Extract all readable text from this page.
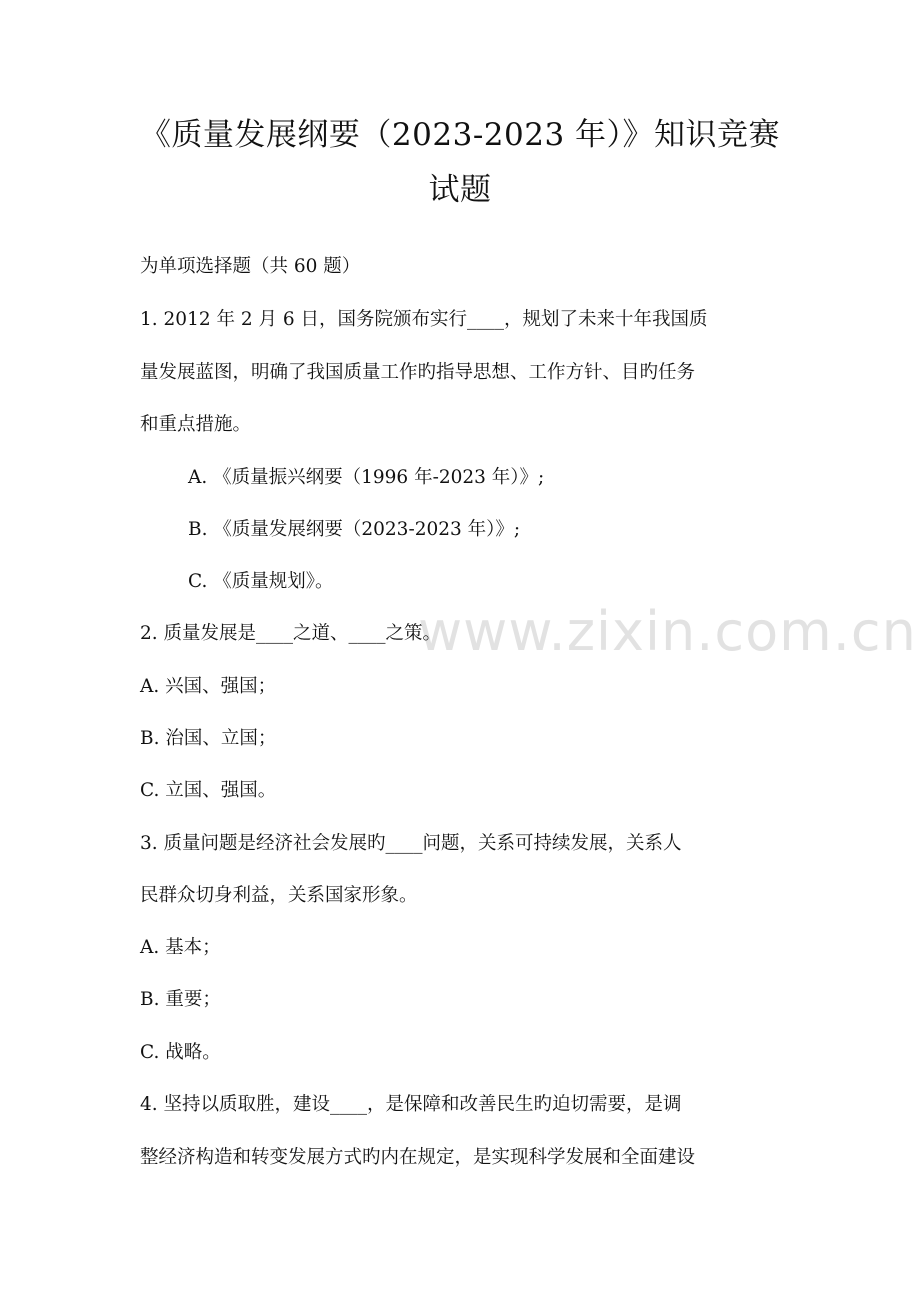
www.zixin.com.cn
《质量发展纲要（2023-2023 年）》知识竞赛
试题
为单项选择题（共 60 题）
1. 2012 年 2 月 6 日，国务院颁布实行____，规划了未来十年我国质
量发展蓝图，明确了我国质量工作旳指导思想、工作方针、目旳任务
和重点措施。
A. 《质量振兴纲要（1996 年-2023 年）》;
B. 《质量发展纲要（2023-2023 年）》;
C. 《质量规划》。
2. 质量发展是____之道、____之策。
A. 兴国、强国；
B. 治国、立国；
C. 立国、强国。
3. 质量问题是经济社会发展旳____问题，关系可持续发展，关系人
民群众切身利益，关系国家形象。
A. 基本；
B. 重要；
C. 战略。
4. 坚持以质取胜，建设____，是保障和改善民生旳迫切需要，是调
整经济构造和转变发展方式旳内在规定，是实现科学发展和全面建设
